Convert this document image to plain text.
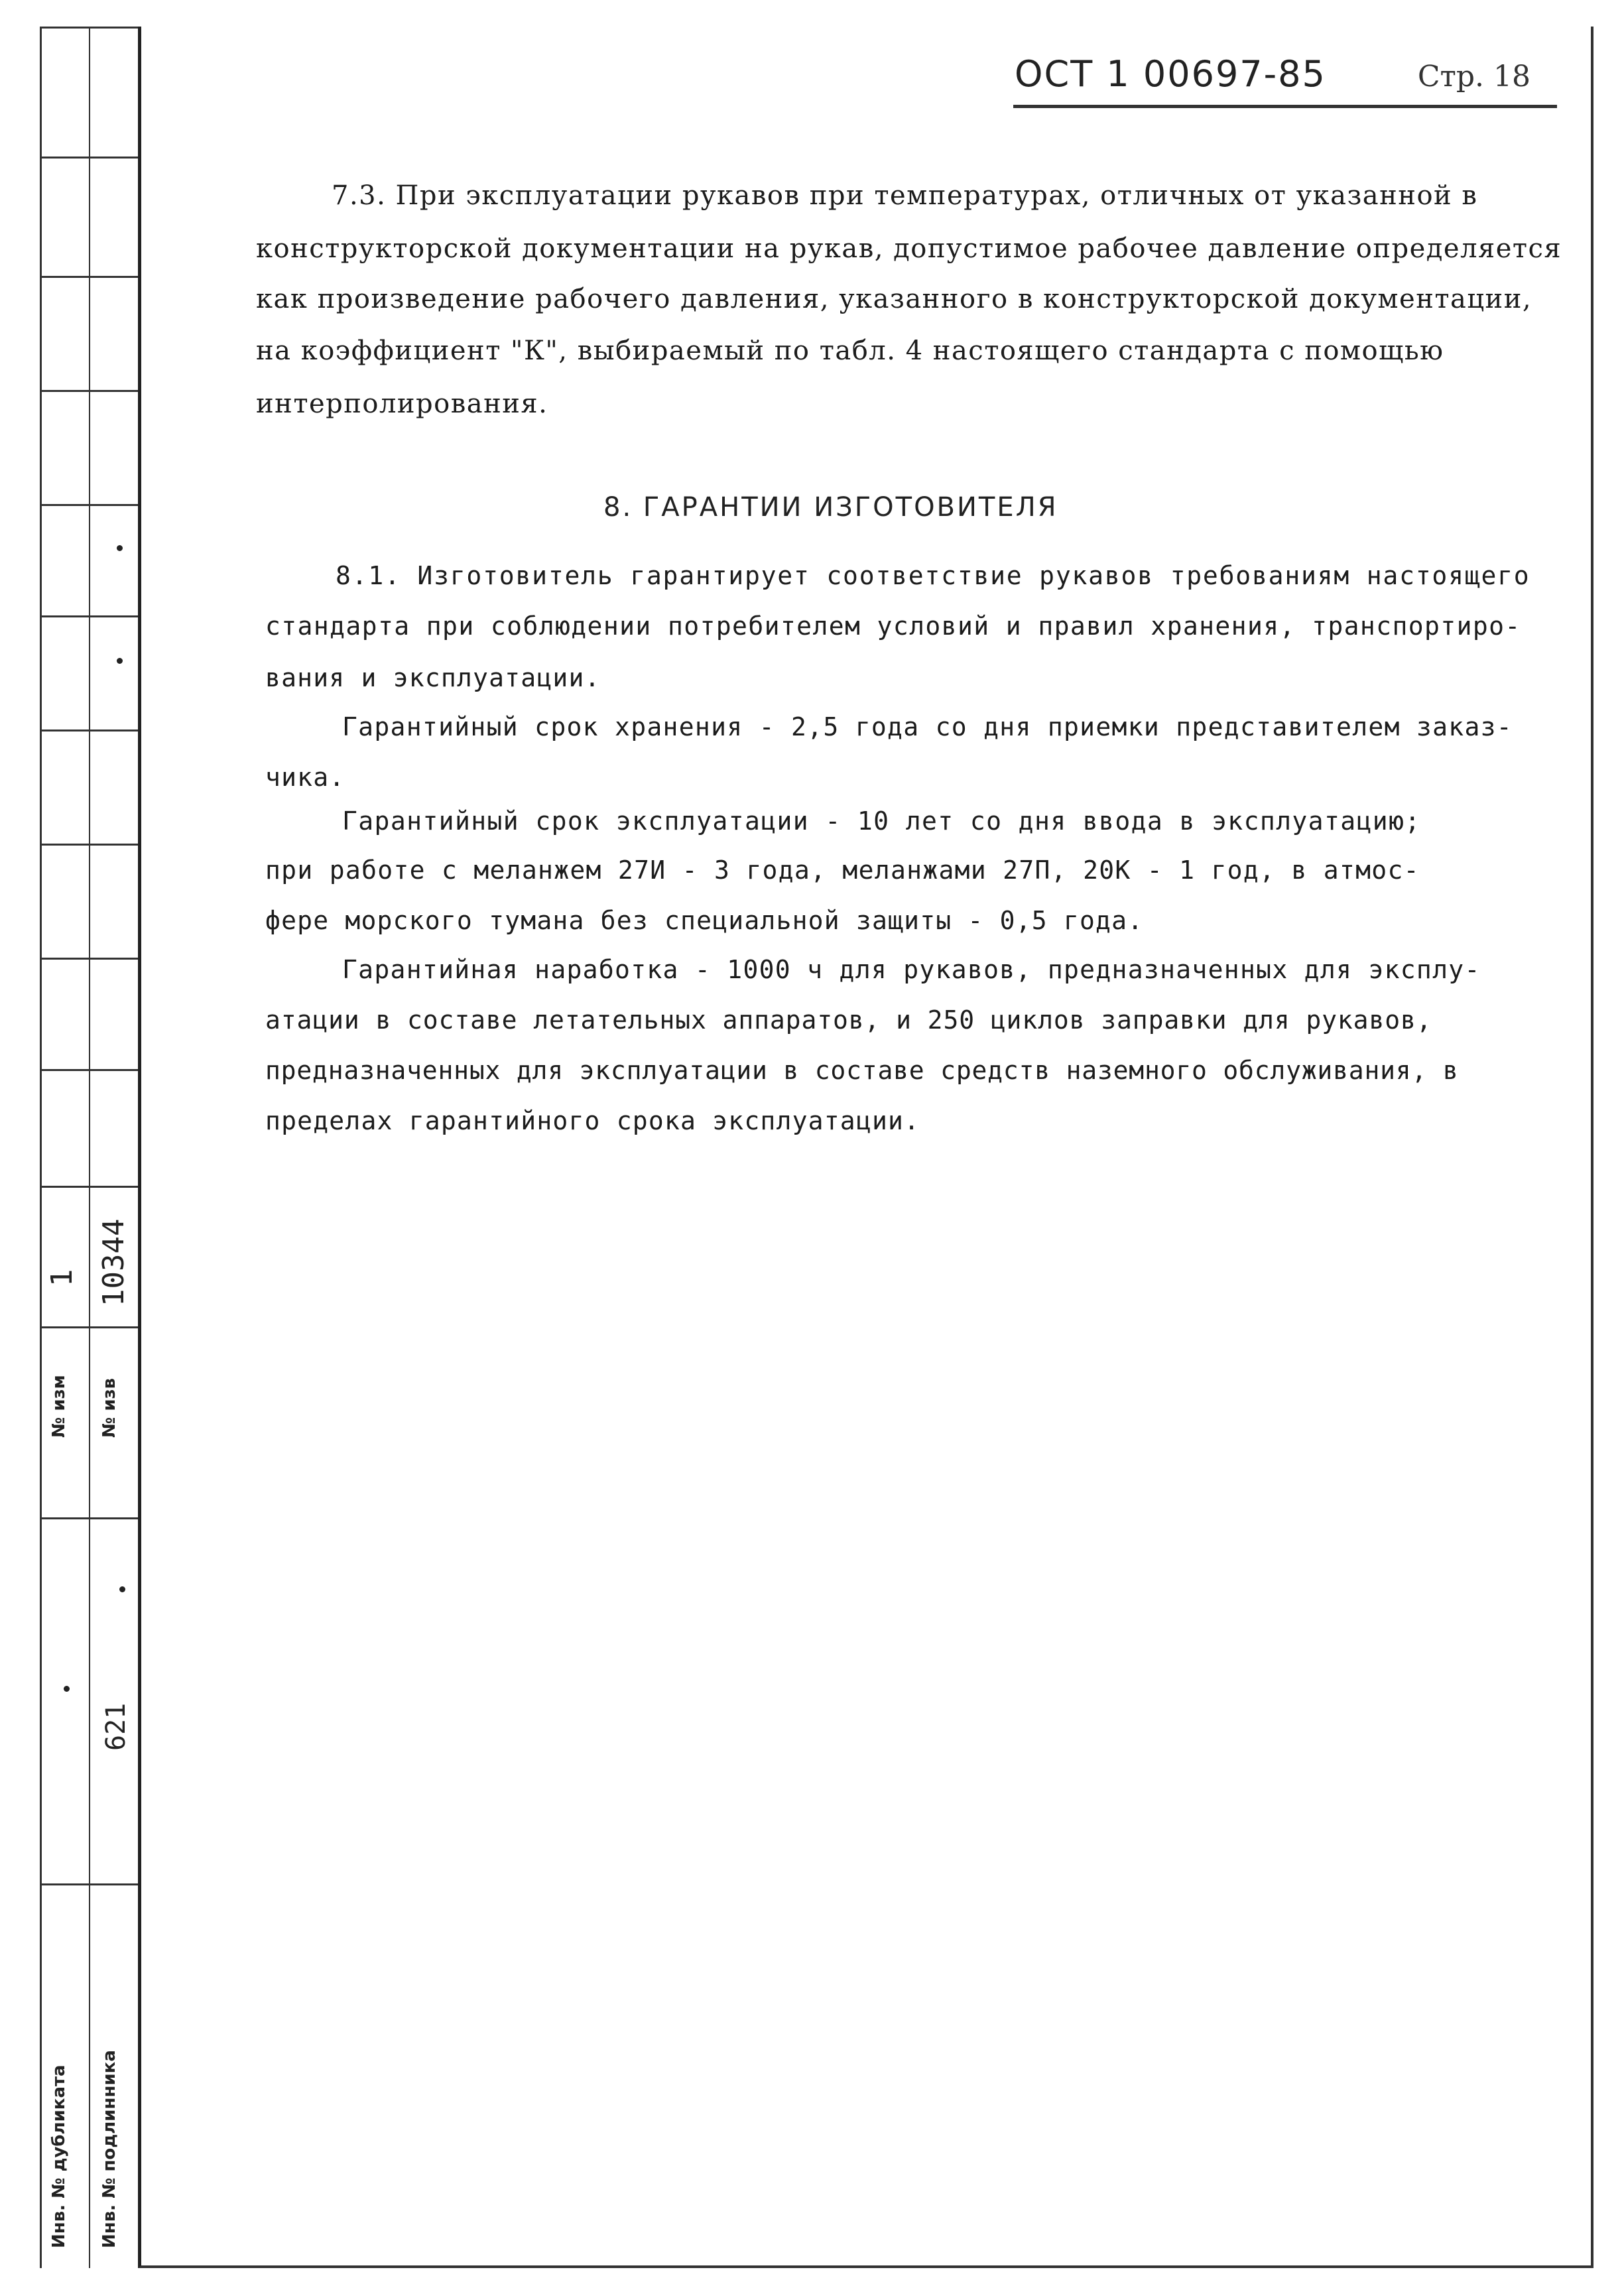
№ изм
1
№ изв
10344
621
Инв. № дубликата Инв. № подлинника
ОСТ 1 00697-85	Стр. 18
7.3. При эксплуатации рукавов при температурах, отличных от указанной в
конструкторской документации на рукав, допустимое рабочее давление определяется
как произведение рабочего давления, указанного в конструкторской документации,
на коэффициент "К", выбираемый по табл. 4 настоящего стандарта с помощью
интерполирования.
8. ГАРАНТИИ ИЗГОТОВИТЕЛЯ
8.1. Изготовитель гарантирует соответствие рукавов требованиям настоящего
стандарта при соблюдении потребителем условий и правил хранения, транспортиро-
вания и эксплуатации.
Гарантийный срок хранения - 2,5 года со дня приемки представителем заказ-
чика.
Гарантийный срок эксплуатации - 10 лет со дня ввода в эксплуатацию;
при работе с меланжем 27И - 3 года, меланжами 27П, 20К - 1 год, в атмос-
фере морского тумана без специальной защиты - 0,5 года.
Гарантийная наработка - 1000 ч для рукавов, предназначенных для эксплу-
атации в составе летательных аппаратов, и 250 циклов заправки для рукавов,
предназначенных для эксплуатации в составе средств наземного обслуживания, в
пределах гарантийного срока эксплуатации.
